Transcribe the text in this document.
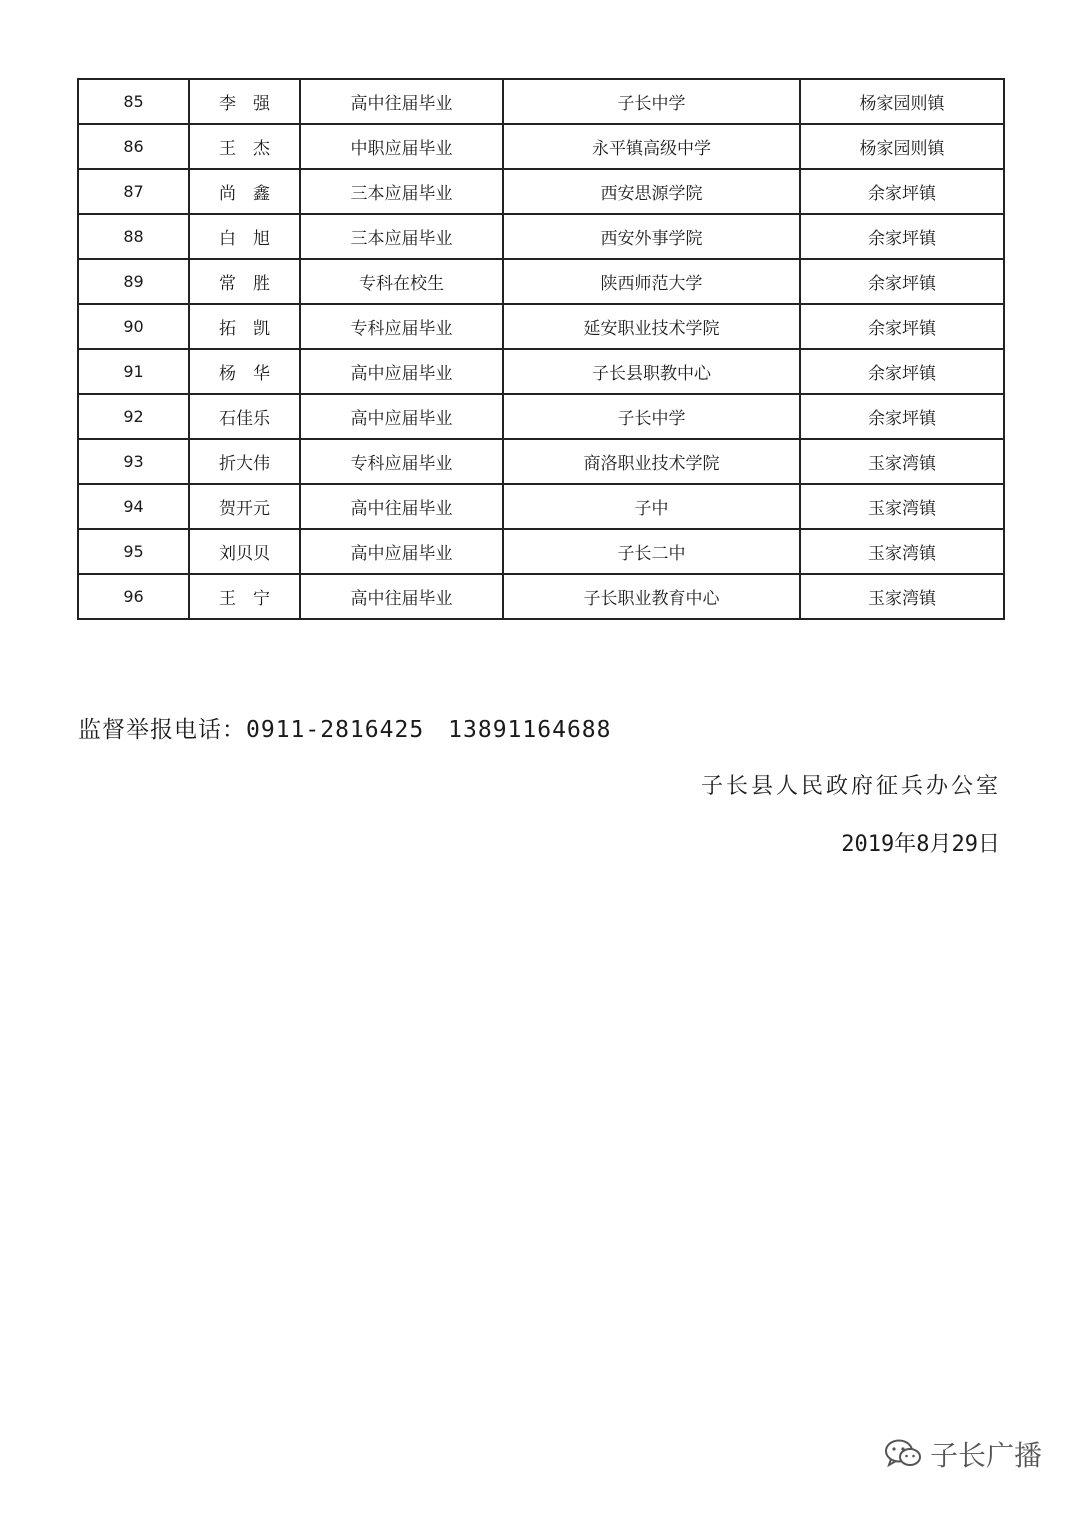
85	李　强	高中往届毕业	子长中学	杨家园则镇
86	王　杰	中职应届毕业	永平镇高级中学	杨家园则镇
87	尚　鑫	三本应届毕业	西安思源学院	余家坪镇
88	白　旭	三本应届毕业	西安外事学院	余家坪镇
89	常　胜	专科在校生	陕西师范大学	余家坪镇
90	拓　凯	专科应届毕业	延安职业技术学院	余家坪镇
91	杨　华	高中应届毕业	子长县职教中心	余家坪镇
92	石佳乐	高中应届毕业	子长中学	余家坪镇
93	折大伟	专科应届毕业	商洛职业技术学院	玉家湾镇
94	贺开元	高中往届毕业	子中	玉家湾镇
95	刘贝贝	高中应届毕业	子长二中	玉家湾镇
96	王　宁	高中往届毕业	子长职业教育中心	玉家湾镇
监督举报电话：0911-2816425 13891164688
子长县人民政府征兵办公室
2019年8月29日
子长广播
